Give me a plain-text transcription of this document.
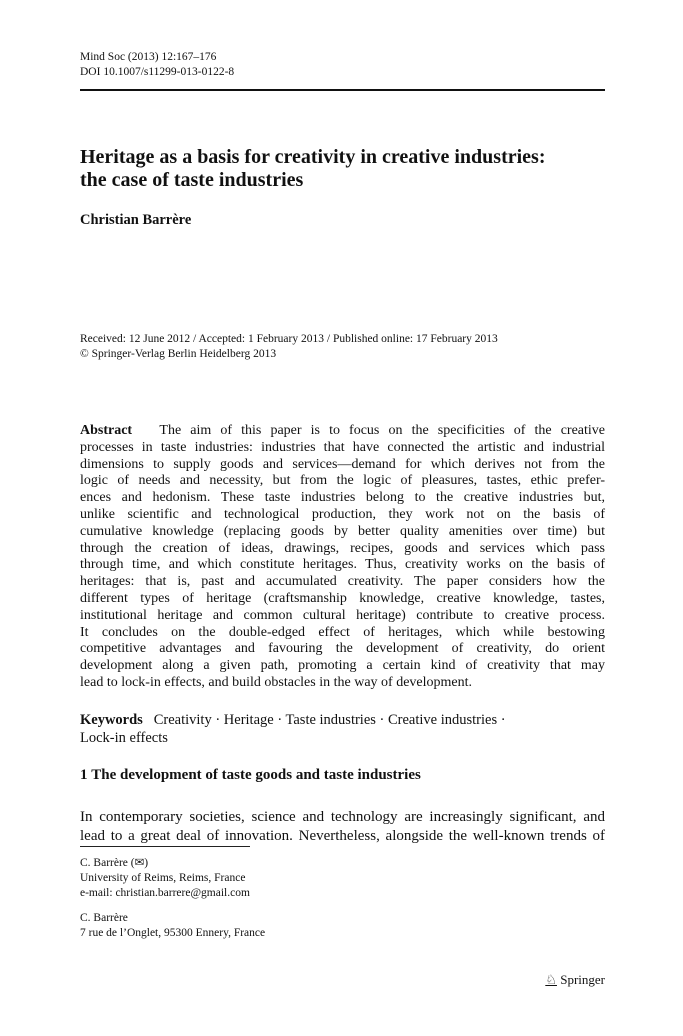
Mind Soc (2013) 12:167–176
DOI 10.1007/s11299-013-0122-8
Heritage as a basis for creativity in creative industries:
the case of taste industries
Christian Barrère
Received: 12 June 2012 / Accepted: 1 February 2013 / Published online: 17 February 2013
© Springer-Verlag Berlin Heidelberg 2013
Abstract The aim of this paper is to focus on the specificities of the creative
processes in taste industries: industries that have connected the artistic and industrial
dimensions to supply goods and services—demand for which derives not from the
logic of needs and necessity, but from the logic of pleasures, tastes, ethic prefer-
ences and hedonism. These taste industries belong to the creative industries but,
unlike scientific and technological production, they work not on the basis of
cumulative knowledge (replacing goods by better quality amenities over time) but
through the creation of ideas, drawings, recipes, goods and services which pass
through time, and which constitute heritages. Thus, creativity works on the basis of
heritages: that is, past and accumulated creativity. The paper considers how the
different types of heritage (craftsmanship knowledge, creative knowledge, tastes,
institutional heritage and common cultural heritage) contribute to creative process.
It concludes on the double-edged effect of heritages, which while bestowing
competitive advantages and favouring the development of creativity, do orient
development along a given path, promoting a certain kind of creativity that may
lead to lock-in effects, and build obstacles in the way of development.
Keywords Creativity · Heritage · Taste industries · Creative industries ·
Lock-in effects
1 The development of taste goods and taste industries
In contemporary societies, science and technology are increasingly significant, and
lead to a great deal of innovation. Nevertheless, alongside the well-known trends of
C. Barrère (✉)
University of Reims, Reims, France
e-mail: christian.barrere@gmail.com
C. Barrère
7 rue de l’Onglet, 95300 Ennery, France
♘ Springer
